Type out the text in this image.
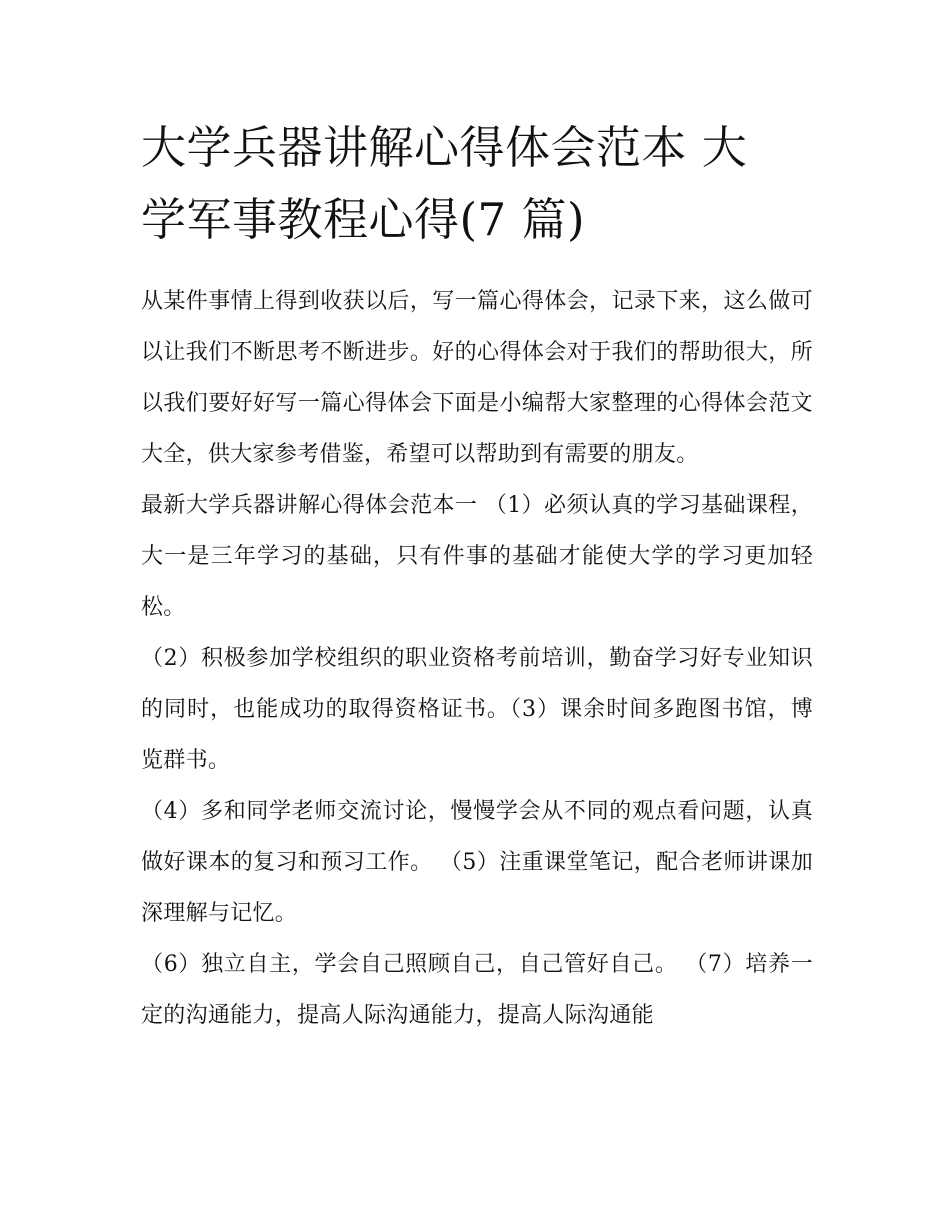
大学兵器讲解心得体会范本 大
学军事教程心得(7 篇)

从某件事情上得到收获以后，写一篇心得体会，记录下来，这么做可以让我们不断思考不断进步。好的心得体会对于我们的帮助很大，所以我们要好好写一篇心得体会下面是小编帮大家整理的心得体会范文大全，供大家参考借鉴，希望可以帮助到有需要的朋友。

最新大学兵器讲解心得体会范本一 （1）必须认真的学习基础课程，大一是三年学习的基础，只有件事的基础才能使大学的学习更加轻松。

（2）积极参加学校组织的职业资格考前培训，勤奋学习好专业知识的同时，也能成功的取得资格证书。（3）课余时间多跑图书馆，博览群书。

（4）多和同学老师交流讨论，慢慢学会从不同的观点看问题，认真做好课本的复习和预习工作。 （5）注重课堂笔记，配合老师讲课加深理解与记忆。

（6）独立自主，学会自己照顾自己，自己管好自己。 （7）培养一定的沟通能力，提高人际沟通能力，提高人际沟通能
